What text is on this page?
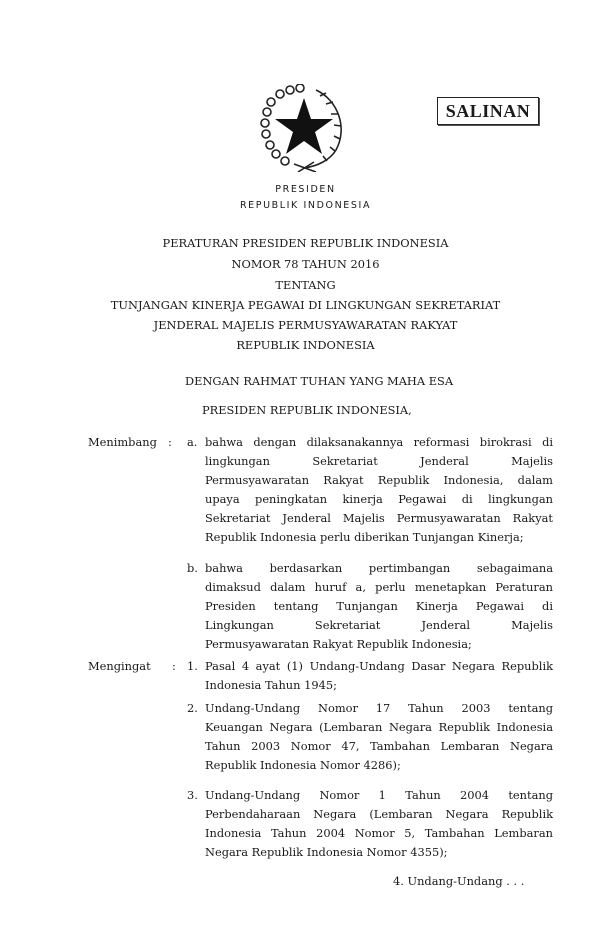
SALINAN
PRESIDEN
REPUBLIK INDONESIA
PERATURAN PRESIDEN REPUBLIK INDONESIA
NOMOR 78 TAHUN 2016
TENTANG
TUNJANGAN KINERJA PEGAWAI DI LINGKUNGAN SEKRETARIAT
JENDERAL MAJELIS PERMUSYAWARATAN RAKYAT
REPUBLIK INDONESIA
DENGAN RAHMAT TUHAN YANG MAHA ESA
PRESIDEN REPUBLIK INDONESIA,
Menimbang : a. bahwa dengan dilaksanakannya reformasi birokrasi di
lingkungan Sekretariat Jenderal Majelis
Permusyawaratan Rakyat Republik Indonesia, dalam
upaya peningkatan kinerja Pegawai di lingkungan
Sekretariat Jenderal Majelis Permusyawaratan Rakyat
Republik Indonesia perlu diberikan Tunjangan Kinerja;
b. bahwa berdasarkan pertimbangan sebagaimana
dimaksud dalam huruf a, perlu menetapkan Peraturan
Presiden tentang Tunjangan Kinerja Pegawai di
Lingkungan Sekretariat Jenderal Majelis
Permusyawaratan Rakyat Republik Indonesia;
Mengingat : 1. Pasal 4 ayat (1) Undang-Undang Dasar Negara Republik
Indonesia Tahun 1945;
2. Undang-Undang Nomor 17 Tahun 2003 tentang
Keuangan Negara (Lembaran Negara Republik Indonesia
Tahun 2003 Nomor 47, Tambahan Lembaran Negara
Republik Indonesia Nomor 4286);
3. Undang-Undang Nomor 1 Tahun 2004 tentang
Perbendaharaan Negara (Lembaran Negara Republik
Indonesia Tahun 2004 Nomor 5, Tambahan Lembaran
Negara Republik Indonesia Nomor 4355);
4. Undang-Undang . . .
